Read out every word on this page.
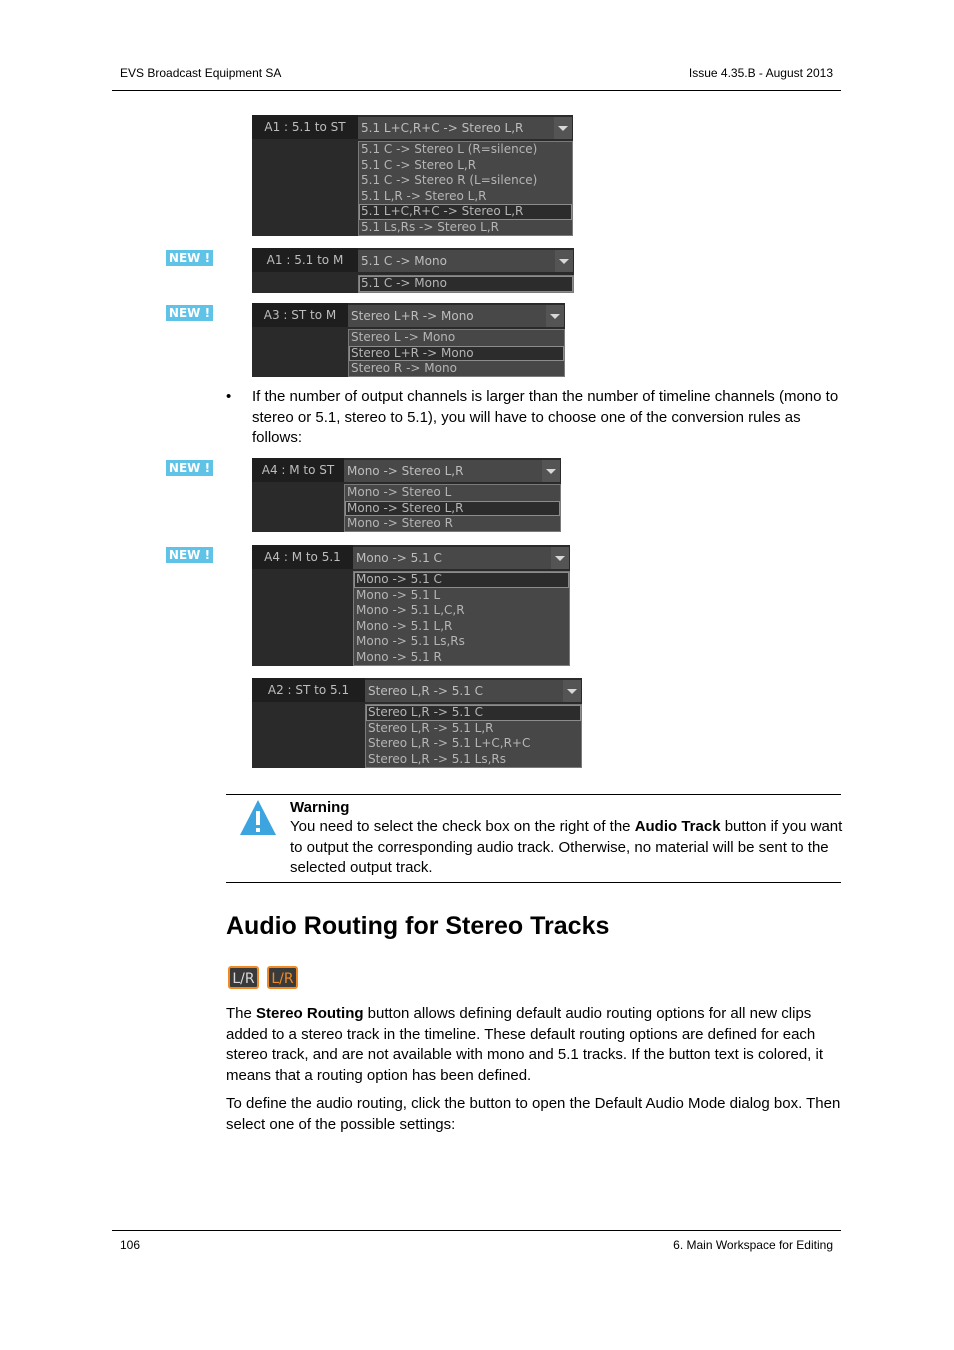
EVS Broadcast Equipment SA	Issue 4.35.B - August 2013
A1 : 5.1 to ST	5.1 L+C,R+C -> Stereo L,R
5.1 C -> Stereo L (R=silence)
5.1 C -> Stereo L,R
5.1 C -> Stereo R (L=silence)
5.1 L,R -> Stereo L,R
5.1 L+C,R+C -> Stereo L,R
5.1 Ls,Rs -> Stereo L,R
NEW !	A1 : 5.1 to M	5.1 C -> Mono
5.1 C -> Mono
NEW !	A3 : ST to M	Stereo L+R -> Mono
Stereo L -> Mono
Stereo L+R -> Mono
Stereo R -> Mono
• If the number of output channels is larger than the number of timeline channels (mono to stereo or 5.1, stereo to 5.1), you will have to choose one of the conversion rules as follows:
NEW !	A4 : M to ST	Mono -> Stereo L,R
Mono -> Stereo L
Mono -> Stereo L,R
Mono -> Stereo R
NEW !	A4 : M to 5.1	Mono -> 5.1 C
Mono -> 5.1 C
Mono -> 5.1 L
Mono -> 5.1 L,C,R
Mono -> 5.1 L,R
Mono -> 5.1 Ls,Rs
Mono -> 5.1 R
A2 : ST to 5.1	Stereo L,R -> 5.1 C
Stereo L,R -> 5.1 C
Stereo L,R -> 5.1 L,R
Stereo L,R -> 5.1 L+C,R+C
Stereo L,R -> 5.1 Ls,Rs
Warning
You need to select the check box on the right of the Audio Track button if you want to output the corresponding audio track. Otherwise, no material will be sent to the selected output track.
Audio Routing for Stereo Tracks
L/R	L/R
The Stereo Routing button allows defining default audio routing options for all new clips added to a stereo track in the timeline. These default routing options are defined for each stereo track, and are not available with mono and 5.1 tracks. If the button text is colored, it means that a routing option has been defined.
To define the audio routing, click the button to open the Default Audio Mode dialog box. Then select one of the possible settings:
106	6. Main Workspace for Editing
